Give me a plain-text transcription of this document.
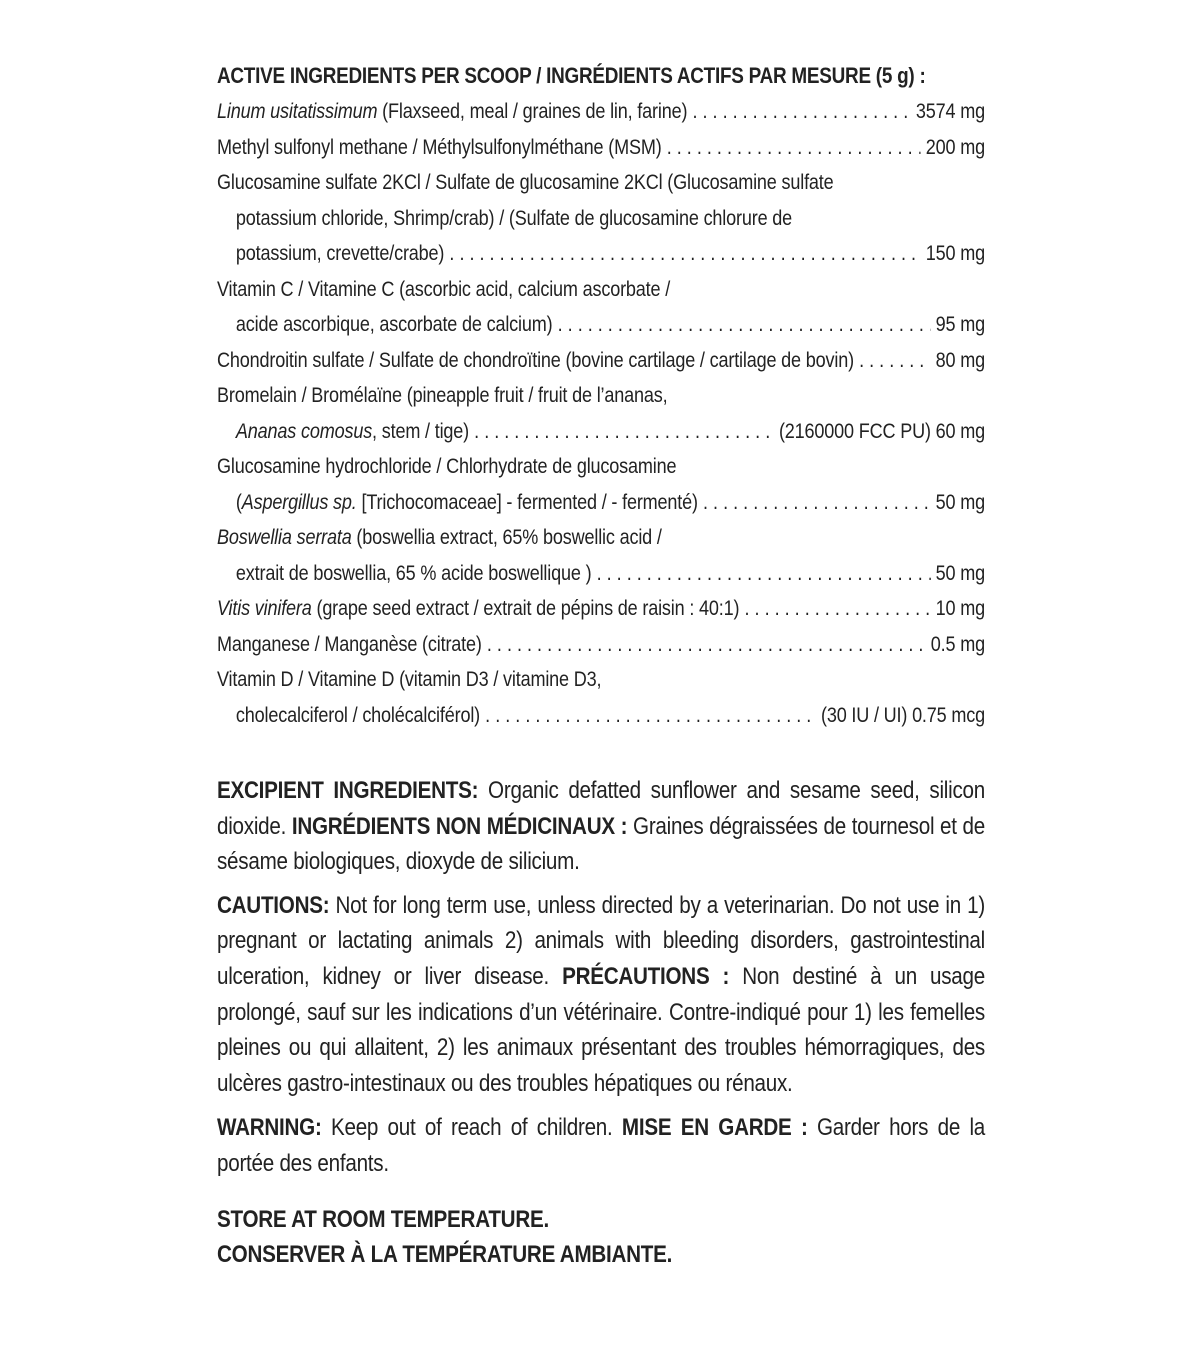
ACTIVE INGREDIENTS PER SCOOP / INGRÉDIENTS ACTIFS PAR MESURE (5 g) :
Linum usitatissimum (Flaxseed, meal / graines de lin, farine) . . .	3574 mg
Methyl sulfonyl methane / Méthylsulfonylméthane (MSM) . . .	200 mg
Glucosamine sulfate 2KCl / Sulfate de glucosamine 2KCl (Glucosamine sulfate
potassium chloride, Shrimp/crab) / (Sulfate de glucosamine chlorure de
potassium, crevette/crabe) . . .	150 mg
Vitamin C / Vitamine C (ascorbic acid, calcium ascorbate /
acide ascorbique, ascorbate de calcium) . . .	95 mg
Chondroitin sulfate / Sulfate de chondroïtine (bovine cartilage / cartilage de bovin) . . .	80 mg
Bromelain / Bromélaïne (pineapple fruit / fruit de l’ananas,
Ananas comosus, stem / tige) . . .	(2160000 FCC PU) 60 mg
Glucosamine hydrochloride / Chlorhydrate de glucosamine
(Aspergillus sp. [Trichocomaceae] - fermented / - fermenté) . . .	50 mg
Boswellia serrata (boswellia extract, 65% boswellic acid /
extrait de boswellia, 65 % acide boswellique ) . . .	50 mg
Vitis vinifera (grape seed extract / extrait de pépins de raisin : 40:1) . . .	10 mg
Manganese / Manganèse (citrate) . . .	0.5 mg
Vitamin D / Vitamine D (vitamin D3 / vitamine D3,
cholecalciferol / cholécalciférol) . . .	(30 IU / UI) 0.75 mcg

EXCIPIENT INGREDIENTS: Organic defatted sunflower and sesame seed, silicon dioxide. INGRÉDIENTS NON MÉDICINAUX : Graines dégraissées de tournesol et de sésame biologiques, dioxyde de silicium.

CAUTIONS: Not for long term use, unless directed by a veterinarian. Do not use in 1) pregnant or lactating animals 2) animals with bleeding disorders, gastrointestinal ulceration, kidney or liver disease. PRÉCAUTIONS : Non destiné à un usage prolongé, sauf sur les indications d’un vétérinaire. Contre-indiqué pour 1) les femelles pleines ou qui allaitent, 2) les animaux présentant des troubles hémorragiques, des ulcères gastro-intestinaux ou des troubles hépatiques ou rénaux.

WARNING: Keep out of reach of children. MISE EN GARDE : Garder hors de la portée des enfants.

STORE AT ROOM TEMPERATURE.
CONSERVER À LA TEMPÉRATURE AMBIANTE.
